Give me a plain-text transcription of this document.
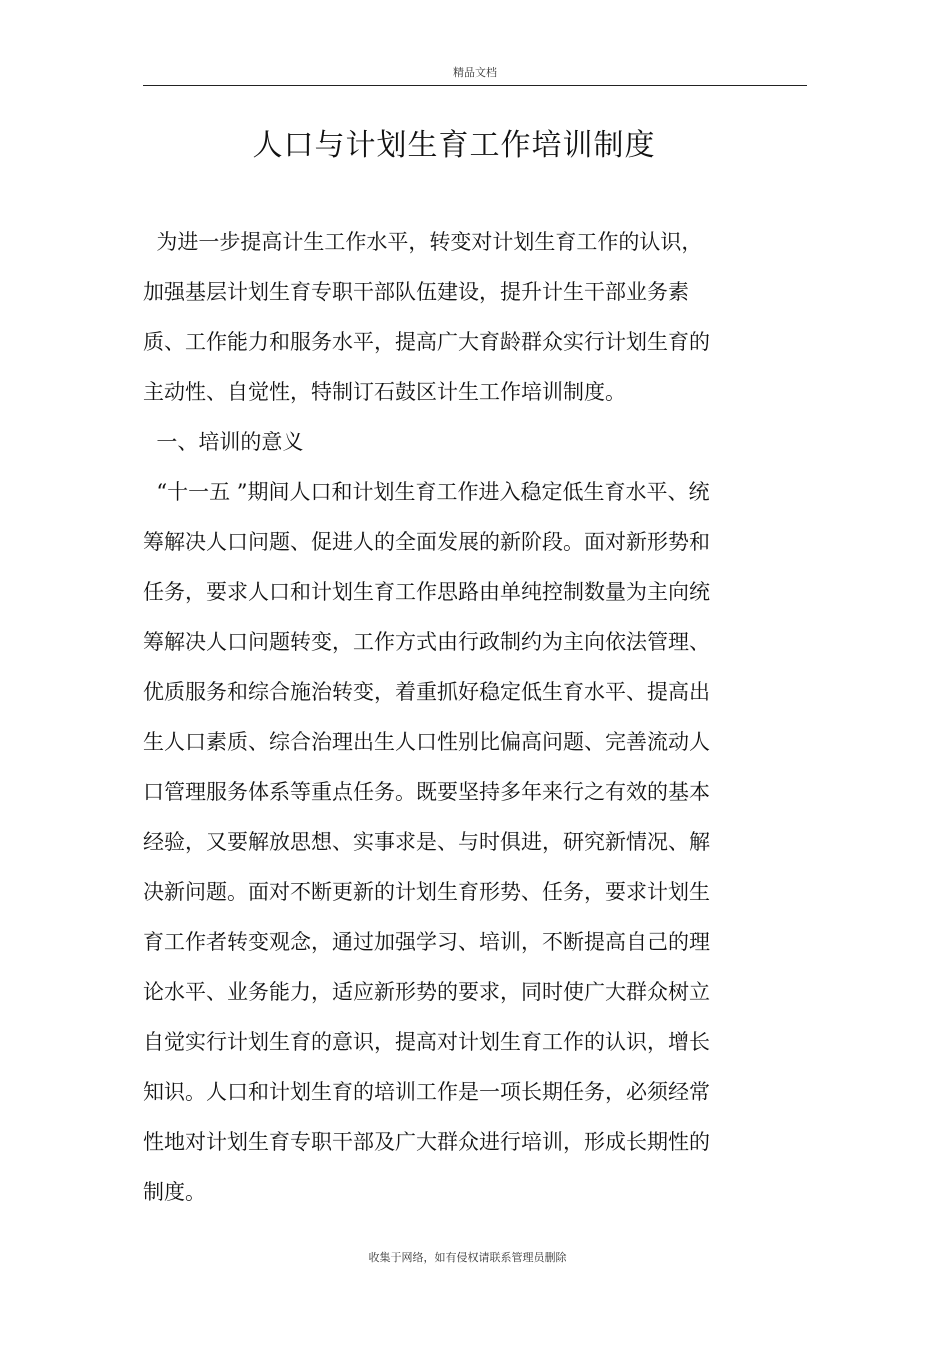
精品文档
人口与计划生育工作培训制度
为进一步提高计生工作水平，转变对计划生育工作的认识，
加强基层计划生育专职干部队伍建设，提升计生干部业务素
质、工作能力和服务水平，提高广大育龄群众实行计划生育的
主动性、自觉性，特制订石鼓区计生工作培训制度。
一、培训的意义
“十一五 ”期间人口和计划生育工作进入稳定低生育水平、统
筹解决人口问题、促进人的全面发展的新阶段。面对新形势和
任务，要求人口和计划生育工作思路由单纯控制数量为主向统
筹解决人口问题转变，工作方式由行政制约为主向依法管理、
优质服务和综合施治转变，着重抓好稳定低生育水平、提高出
生人口素质、综合治理出生人口性别比偏高问题、完善流动人
口管理服务体系等重点任务。既要坚持多年来行之有效的基本
经验，又要解放思想、实事求是、与时俱进，研究新情况、解
决新问题。面对不断更新的计划生育形势、任务，要求计划生
育工作者转变观念，通过加强学习、培训，不断提高自己的理
论水平、业务能力，适应新形势的要求，同时使广大群众树立
自觉实行计划生育的意识，提高对计划生育工作的认识，增长
知识。人口和计划生育的培训工作是一项长期任务，必须经常
性地对计划生育专职干部及广大群众进行培训，形成长期性的
制度。
收集于网络，如有侵权请联系管理员删除
